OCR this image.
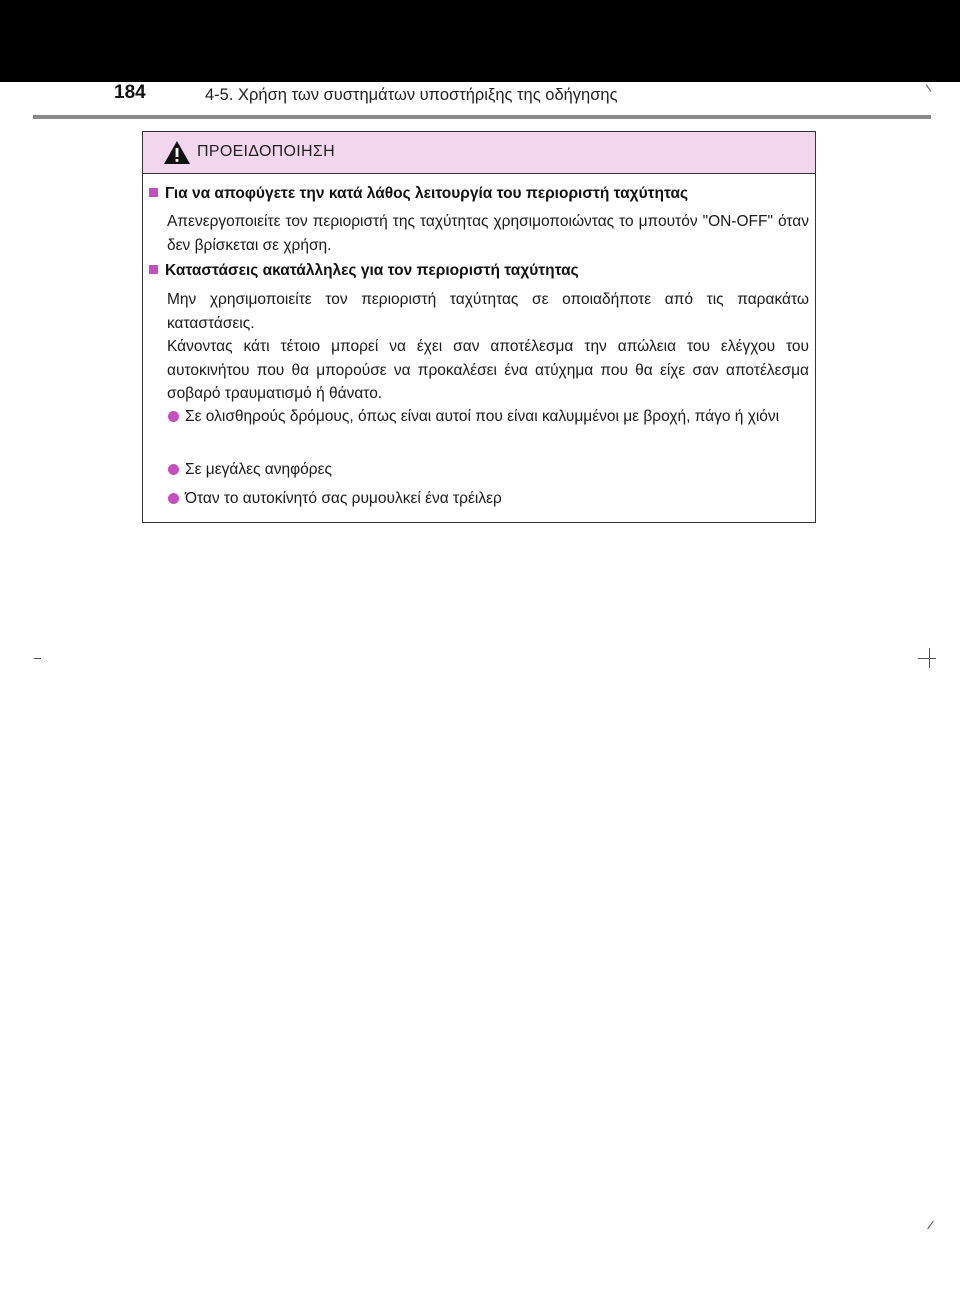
184	4-5. Χρήση των συστημάτων υποστήριξης της οδήγησης
ΠΡΟΕΙΔΟΠΟΙΗΣΗ
Για να αποφύγετε την κατά λάθος λειτουργία του περιοριστή ταχύτητας
Απενεργοποιείτε τον περιοριστή της ταχύτητας χρησιμοποιώντας το μπουτόν "ON-OFF" όταν δεν βρίσκεται σε χρήση.
Καταστάσεις ακατάλληλες για τον περιοριστή ταχύτητας
Μην χρησιμοποιείτε τον περιοριστή ταχύτητας σε οποιαδήποτε από τις παρακάτω καταστάσεις.
Κάνοντας κάτι τέτοιο μπορεί να έχει σαν αποτέλεσμα την απώλεια του ελέγχου του αυτοκινήτου που θα μπορούσε να προκαλέσει ένα ατύχημα που θα είχε σαν αποτέλεσμα σοβαρό τραυματισμό ή θάνατο.
Σε ολισθηρούς δρόμους, όπως είναι αυτοί που είναι καλυμμένοι με βροχή, πάγο ή χιόνι
Σε μεγάλες ανηφόρες
Όταν το αυτοκίνητό σας ρυμουλκεί ένα τρέιλερ
